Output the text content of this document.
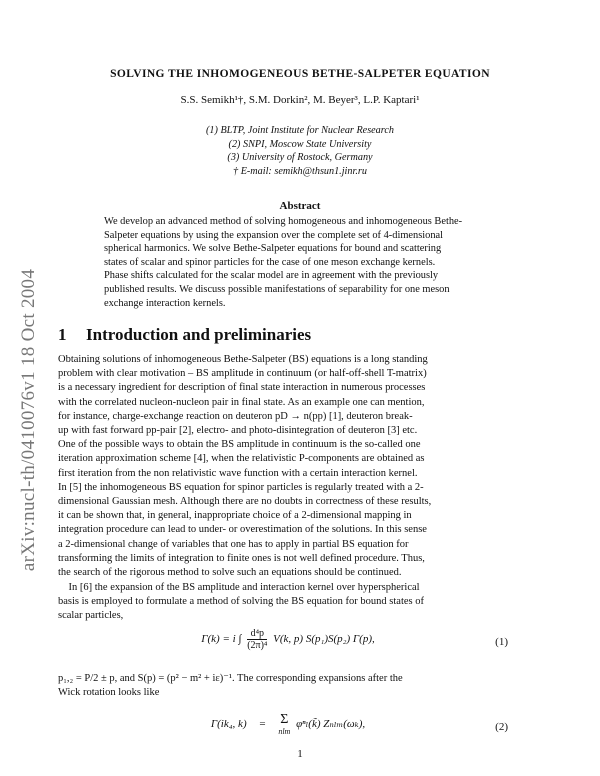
arXiv:nucl-th/0410076v1 18 Oct 2004
SOLVING THE INHOMOGENEOUS BETHE-SALPETER EQUATION
S.S. Semikh¹†, S.M. Dorkin², M. Beyer³, L.P. Kaptari¹
(1) BLTP, Joint Institute for Nuclear Research
(2) SNPI, Moscow State University
(3) University of Rostock, Germany
† E-mail: semikh@thsun1.jinr.ru
Abstract
We develop an advanced method of solving homogeneous and inhomogeneous Bethe-
Salpeter equations by using the expansion over the complete set of 4-dimensional
spherical harmonics. We solve Bethe-Salpeter equations for bound and scattering
states of scalar and spinor particles for the case of one meson exchange kernels.
Phase shifts calculated for the scalar model are in agreement with the previously
published results. We discuss possible manifestations of separability for one meson
exchange interaction kernels.
1 Introduction and preliminaries
Obtaining solutions of inhomogeneous Bethe-Salpeter (BS) equations is a long standing
problem with clear motivation – BS amplitude in continuum (or half-off-shell T-matrix)
is a necessary ingredient for description of final state interaction in numerous processes
with the correlated nucleon-nucleon pair in final state. As an example one can mention,
for instance, charge-exchange reaction on deuteron pD → n(pp) [1], deuteron break-
up with fast forward pp-pair [2], electro- and photo-disintegration of deuteron [3] etc.
One of the possible ways to obtain the BS amplitude in continuum is the so-called one
iteration approximation scheme [4], when the relativistic P-components are obtained as
first iteration from the non relativistic wave function with a certain interaction kernel.
In [5] the inhomogeneous BS equation for spinor particles is regularly treated with a 2-
dimensional Gaussian mesh. Although there are no doubts in correctness of these results,
it can be shown that, in general, inappropriate choice of a 2-dimensional mapping in
integration procedure can lead to under- or overestimation of the solutions. In this sense
a 2-dimensional change of variables that one has to apply in partial BS equation for
transforming the limits of integration to finite ones is not well defined procedure. Thus,
the search of the rigorous method to solve such an equations should be continued.
 In [6] the expansion of the BS amplitude and interaction kernel over hyperspherical
basis is employed to formulate a method of solving the BS equation for bound states of
scalar particles,
Γ(k) = i ∫ $\frac{\text{d⁴p}}{\text{(2π)⁴}} V(k$, p) S(p₁)S(p₂) Γ(p),	(1)
p₁,₂ = P/2 ± p, and S(p) = (p² − m² + iε)⁻¹. The corresponding expansions after the
Wick rotation looks like
Γ(ik₄, k) = Σ
nlm
φⁿₗ(k̃) Zₙₗₘ(ωₖ),	(2)
1
